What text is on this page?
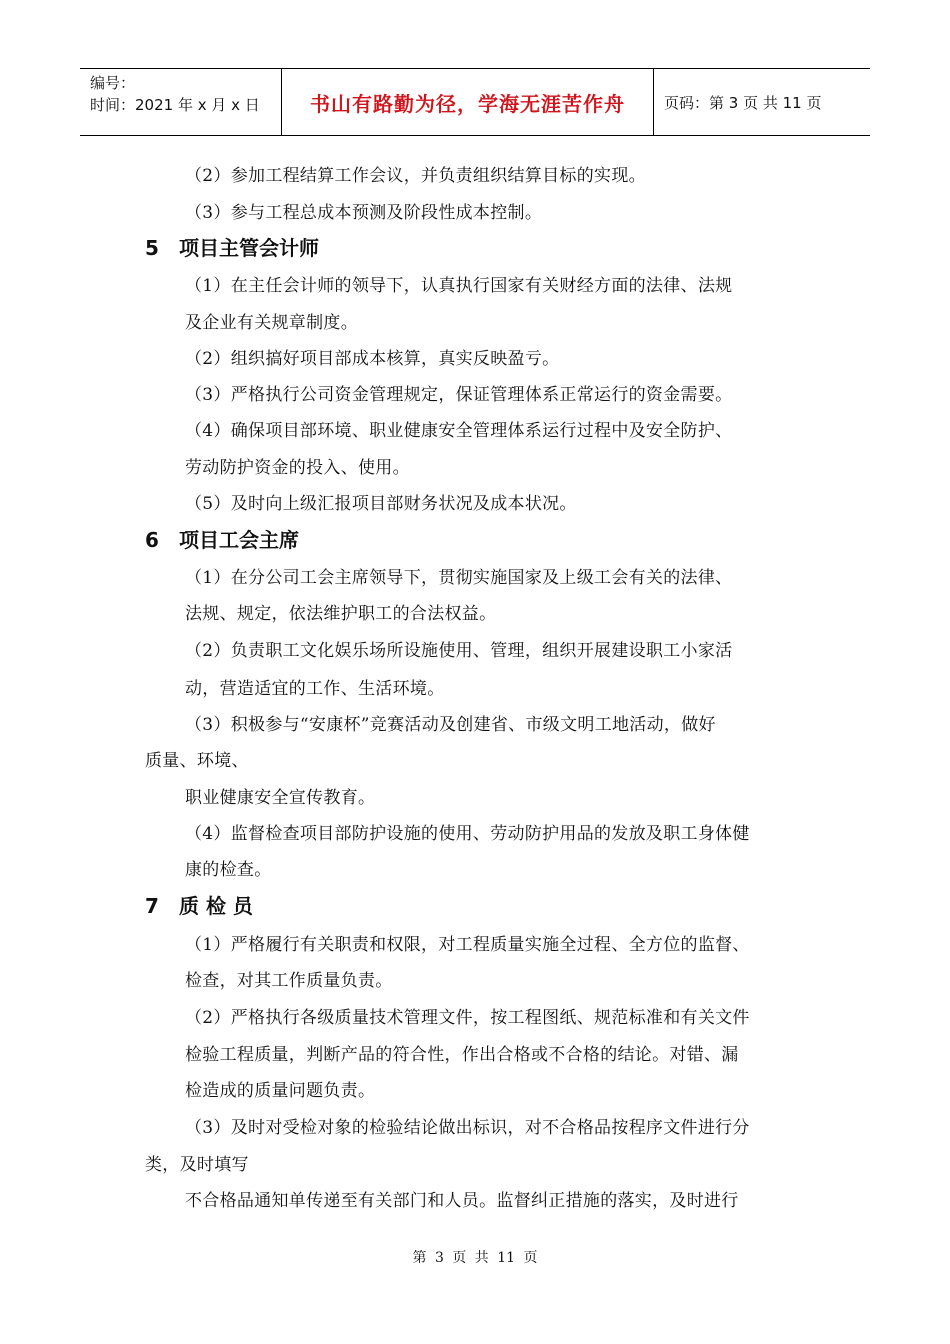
编号：
时间：2021 年 x 月 x 日	书山有路勤为径，学海无涯苦作舟	页码：第 3 页 共 11 页
（2）参加工程结算工作会议，并负责组织结算目标的实现。
（3）参与工程总成本预测及阶段性成本控制。
5 项目主管会计师
（1）在主任会计师的领导下，认真执行国家有关财经方面的法律、法规
及企业有关规章制度。
（2）组织搞好项目部成本核算，真实反映盈亏。
（3）严格执行公司资金管理规定，保证管理体系正常运行的资金需要。
（4）确保项目部环境、职业健康安全管理体系运行过程中及安全防护、
劳动防护资金的投入、使用。
（5）及时向上级汇报项目部财务状况及成本状况。
6 项目工会主席
（1）在分公司工会主席领导下，贯彻实施国家及上级工会有关的法律、
法规、规定，依法维护职工的合法权益。
（2）负责职工文化娱乐场所设施使用、管理，组织开展建设职工小家活
动，营造适宜的工作、生活环境。
（3）积极参与“安康杯”竞赛活动及创建省、市级文明工地活动，做好
质量、环境、
职业健康安全宣传教育。
（4）监督检查项目部防护设施的使用、劳动防护用品的发放及职工身体健
康的检查。
7 质 检 员
（1）严格履行有关职责和权限，对工程质量实施全过程、全方位的监督、
检查，对其工作质量负责。
（2）严格执行各级质量技术管理文件，按工程图纸、规范标准和有关文件
检验工程质量，判断产品的符合性，作出合格或不合格的结论。对错、漏
检造成的质量问题负责。
（3）及时对受检对象的检验结论做出标识，对不合格品按程序文件进行分
类，及时填写
不合格品通知单传递至有关部门和人员。监督纠正措施的落实，及时进行
第 3 页 共 11 页
